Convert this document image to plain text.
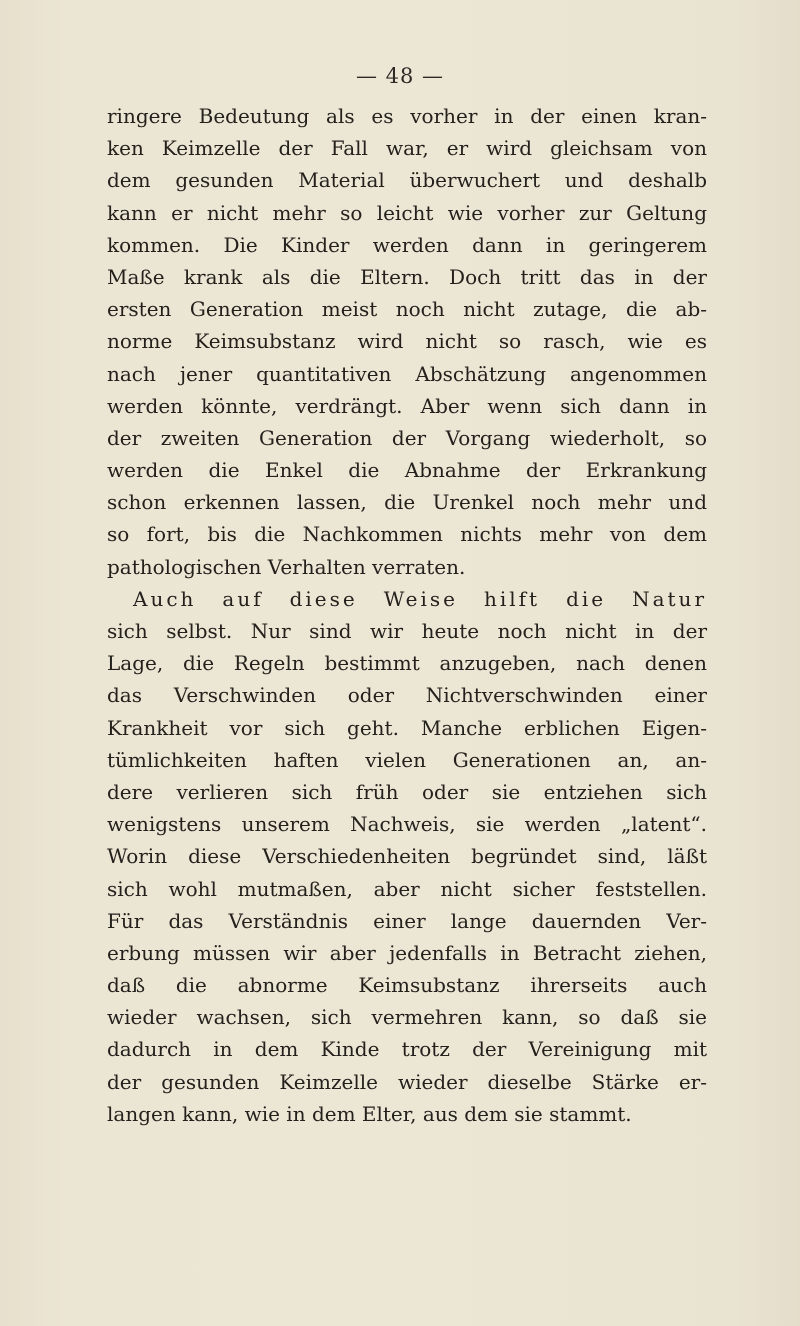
— 48 —
ringere Bedeutung als es vorher in der einen kran-
ken Keimzelle der Fall war, er wird gleichsam von
dem gesunden Material überwuchert und deshalb
kann er nicht mehr so leicht wie vorher zur Geltung
kommen. Die Kinder werden dann in geringerem
Maße krank als die Eltern. Doch tritt das in der
ersten Generation meist noch nicht zutage, die ab-
norme Keimsubstanz wird nicht so rasch, wie es
nach jener quantitativen Abschätzung angenommen
werden könnte, verdrängt. Aber wenn sich dann in
der zweiten Generation der Vorgang wiederholt, so
werden die Enkel die Abnahme der Erkrankung
schon erkennen lassen, die Urenkel noch mehr und
so fort, bis die Nachkommen nichts mehr von dem
pathologischen Verhalten verraten.
Auch auf diese Weise hilft die Natur
sich selbst. Nur sind wir heute noch nicht in der
Lage, die Regeln bestimmt anzugeben, nach denen
das Verschwinden oder Nichtverschwinden einer
Krankheit vor sich geht. Manche erblichen Eigen-
tümlichkeiten haften vielen Generationen an, an-
dere verlieren sich früh oder sie entziehen sich
wenigstens unserem Nachweis, sie werden „latent“.
Worin diese Verschiedenheiten begründet sind, läßt
sich wohl mutmaßen, aber nicht sicher feststellen.
Für das Verständnis einer lange dauernden Ver-
erbung müssen wir aber jedenfalls in Betracht ziehen,
daß die abnorme Keimsubstanz ihrerseits auch
wieder wachsen, sich vermehren kann, so daß sie
dadurch in dem Kinde trotz der Vereinigung mit
der gesunden Keimzelle wieder dieselbe Stärke er-
langen kann, wie in dem Elter, aus dem sie stammt.
